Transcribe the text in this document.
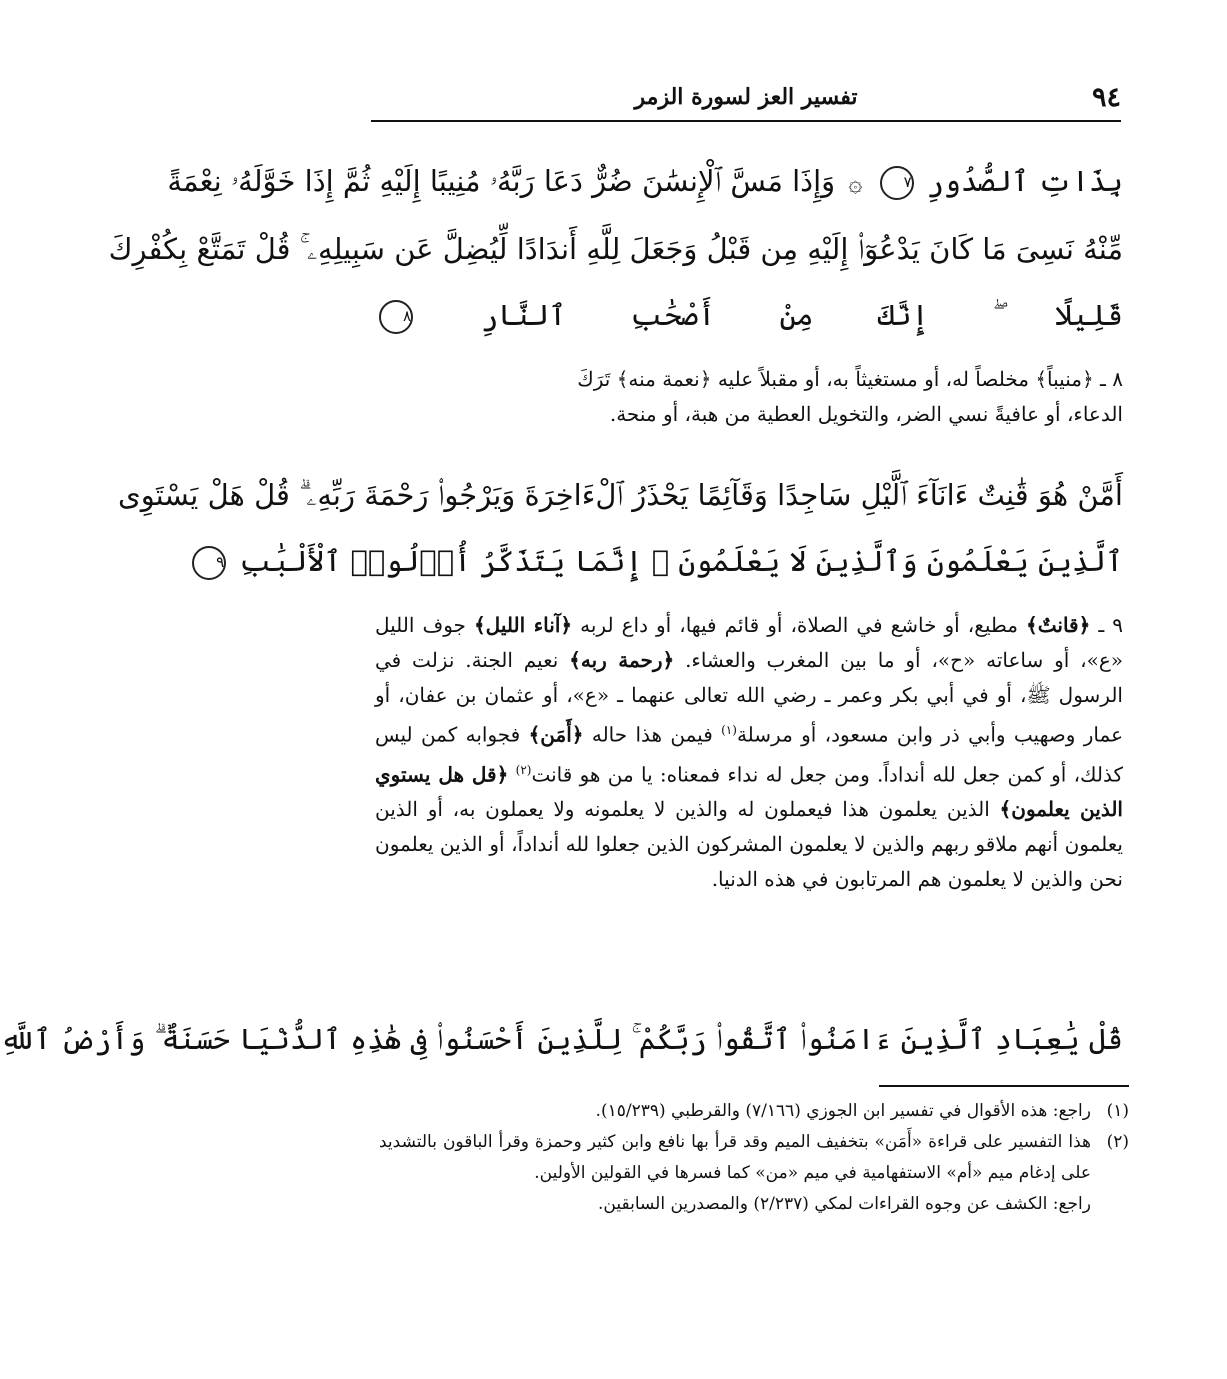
٩٤
تفسير العز لسورة الزمر
بِذَاتِ ٱلصُّدُورِ ٧ ۞ وَإِذَا مَسَّ ٱلْإِنسَٰنَ ضُرٌّ دَعَا رَبَّهُۥ مُنِيبًا إِلَيْهِ ثُمَّ إِذَا خَوَّلَهُۥ نِعْمَةً
مِّنْهُ نَسِىَ مَا كَانَ يَدْعُوٓا۟ إِلَيْهِ مِن قَبْلُ وَجَعَلَ لِلَّهِ أَندَادًا لِّيُضِلَّ عَن سَبِيلِهِۦ ۚ قُلْ تَمَتَّعْ بِكُفْرِكَ
قَلِيلًا ۖ إِنَّكَ مِنْ أَصْحَٰبِ ٱلنَّارِ ٨
٨ ـ ﴿منيباً﴾ مخلصاً له، أو مستغيثاً به، أو مقبلاً عليه ﴿نعمة منه﴾ تَرَكَ
الدعاء، أو عافيةً نسي الضر، والتخويل العطية من هبة، أو منحة.
أَمَّنْ هُوَ قَٰنِتٌ ءَانَآءَ ٱلَّيْلِ سَاجِدًا وَقَآئِمًا يَحْذَرُ ٱلْءَاخِرَةَ وَيَرْجُوا۟ رَحْمَةَ رَبِّهِۦ ۗ قُلْ هَلْ يَسْتَوِى
ٱلَّذِينَ يَعْلَمُونَ وَٱلَّذِينَ لَا يَعْلَمُونَ ۗ إِنَّمَا يَتَذَكَّرُ أُو۟لُوا۟ ٱلْأَلْبَٰبِ ٩
٩ ـ ﴿قانتٌ﴾ مطيع، أو خاشع في الصلاة، أو قائم فيها، أو داع لربه ﴿آناء الليل﴾ جوف الليل «ع»، أو ساعاته «ح»، أو ما بين المغرب والعشاء. ﴿رحمة ربه﴾ نعيم الجنة. نزلت في الرسول ﷺ، أو في أبي بكر وعمر ـ رضي الله تعالى عنهما ـ «ع»، أو عثمان بن عفان، أو عمار وصهيب وأبي ذر وابن مسعود، أو مرسلة$^{(١)}$ فيمن هذا حاله ﴿أَمَن﴾ فجوابه كمن ليس كذلك، أو كمن جعل لله أنداداً. ومن جعل له نداء فمعناه: يا من هو قانت$^{(٢)}$ ﴿قل هل يستوي الذين يعلمون﴾ الذين يعلمون هذا فيعملون له والذين لا يعلمونه ولا يعملون به، أو الذين يعلمون أنهم ملاقو ربهم والذين لا يعلمون المشركون الذين جعلوا لله أنداداً، أو الذين يعلمون نحن والذين لا يعلمون هم المرتابون في هذه الدنيا.
قُلْ يَٰعِبَادِ ٱلَّذِينَ ءَامَنُوا۟ ٱتَّقُوا۟ رَبَّكُمْ ۚ لِلَّذِينَ أَحْسَنُوا۟ فِى هَٰذِهِ ٱلدُّنْيَا حَسَنَةٌ ۗ وَأَرْضُ ٱللَّهِ
(١)
راجع: هذه الأقوال في تفسير ابن الجوزي (٧/١٦٦) والقرطبي (١٥/٢٣٩).
(٢)
هذا التفسير على قراءة «أَمَن» بتخفيف الميم وقد قرأ بها نافع وابن كثير وحمزة وقرأ الباقون بالتشديد على إدغام ميم «أم» الاستفهامية في ميم «من» كما فسرها في القولين الأولين.
راجع: الكشف عن وجوه القراءات لمكي (٢/٢٣٧) والمصدرين السابقين.
